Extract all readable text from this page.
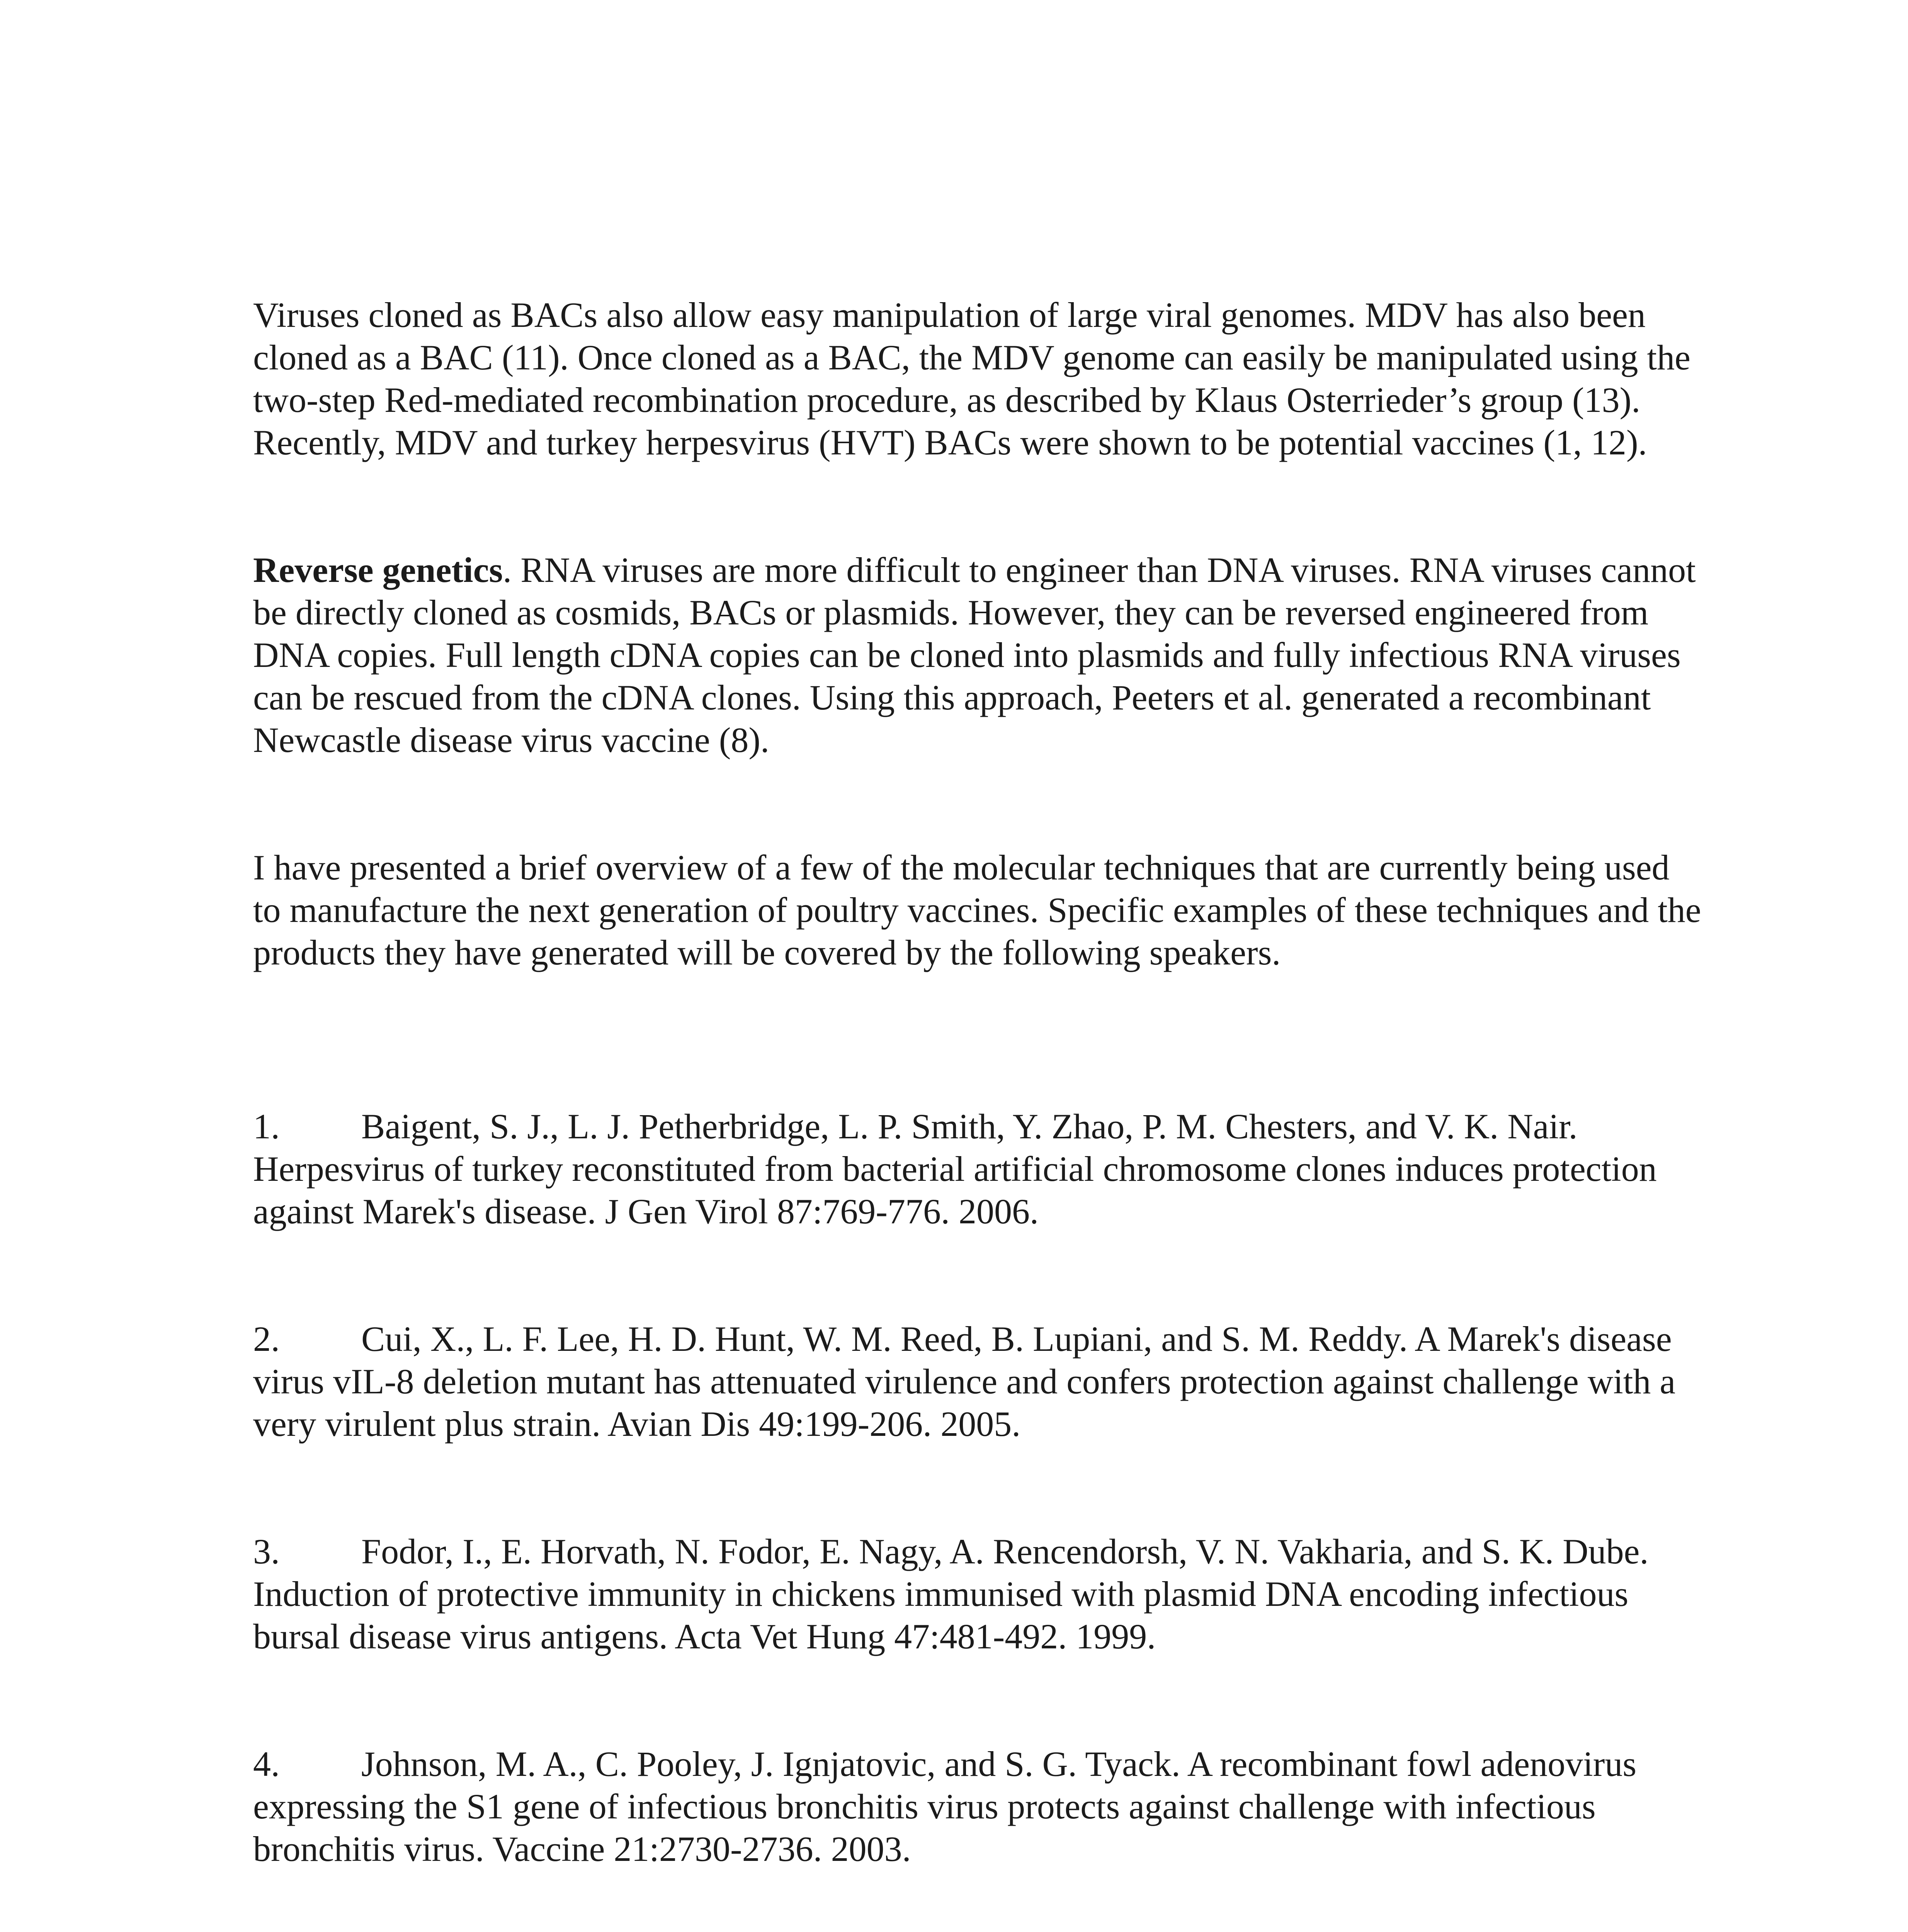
Viruses cloned as BACs also allow easy manipulation of large viral genomes. MDV has also been cloned as a BAC (11). Once cloned as a BAC, the MDV genome can easily be manipulated using the two-step Red-mediated recombination procedure, as described by Klaus Osterrieder’s group (13). Recently, MDV and turkey herpesvirus (HVT) BACs were shown to be potential vaccines (1, 12).

Reverse genetics. RNA viruses are more difficult to engineer than DNA viruses. RNA viruses cannot be directly cloned as cosmids, BACs or plasmids. However, they can be reversed engineered from DNA copies. Full length cDNA copies can be cloned into plasmids and fully infectious RNA viruses can be rescued from the cDNA clones. Using this approach, Peeters et al. generated a recombinant Newcastle disease virus vaccine (8).

I have presented a brief overview of a few of the molecular techniques that are currently being used to manufacture the next generation of poultry vaccines. Specific examples of these techniques and the products they have generated will be covered by the following speakers.

1. Baigent, S. J., L. J. Petherbridge, L. P. Smith, Y. Zhao, P. M. Chesters, and V. K. Nair. Herpesvirus of turkey reconstituted from bacterial artificial chromosome clones induces protection against Marek's disease. J Gen Virol 87:769-776. 2006.

2. Cui, X., L. F. Lee, H. D. Hunt, W. M. Reed, B. Lupiani, and S. M. Reddy. A Marek's disease virus vIL-8 deletion mutant has attenuated virulence and confers protection against challenge with a very virulent plus strain. Avian Dis 49:199-206. 2005.

3. Fodor, I., E. Horvath, N. Fodor, E. Nagy, A. Rencendorsh, V. N. Vakharia, and S. K. Dube. Induction of protective immunity in chickens immunised with plasmid DNA encoding infectious bursal disease virus antigens. Acta Vet Hung 47:481-492. 1999.

4. Johnson, M. A., C. Pooley, J. Ignjatovic, and S. G. Tyack. A recombinant fowl adenovirus expressing the S1 gene of infectious bronchitis virus protects against challenge with infectious bronchitis virus. Vaccine 21:2730-2736. 2003.
